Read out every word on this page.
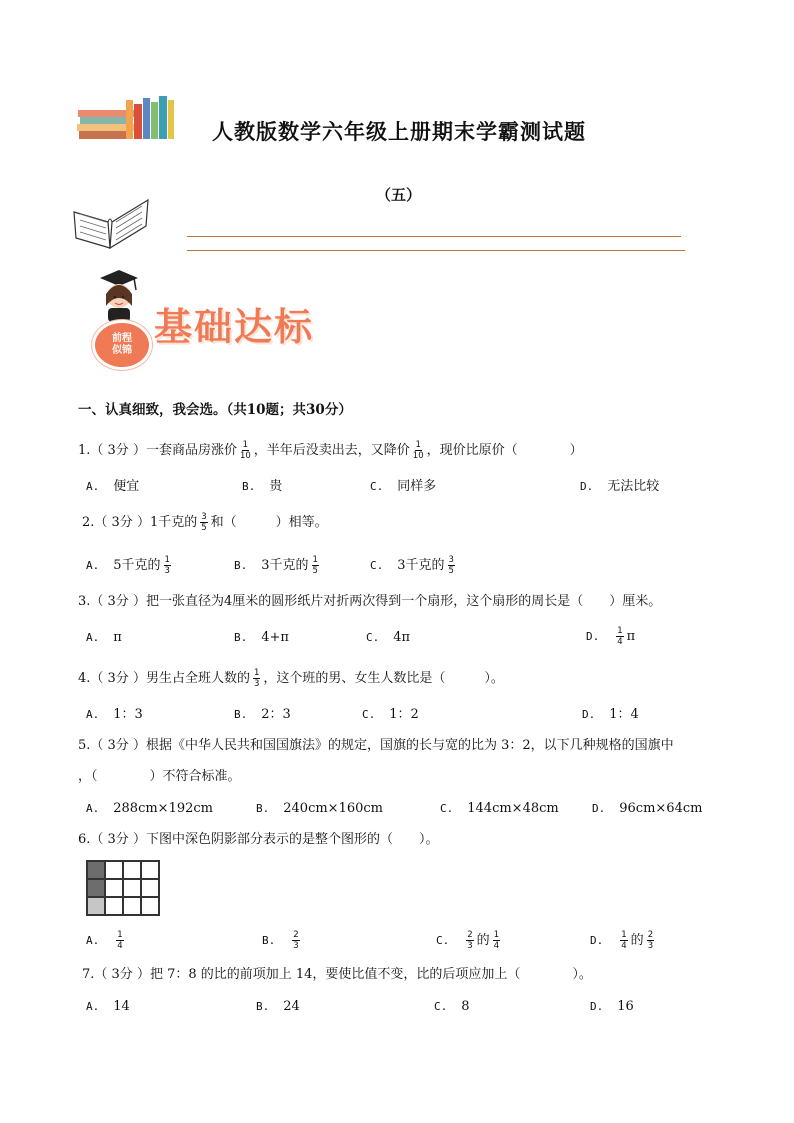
人教版数学六年级上册期末学霸测试题
（五）
前程
似锦
基础达标
一、认真细致，我会选。（共10题；共30分）
1.（ 3分 ）一套商品房涨价 $\frac{1}{10}$ ，半年后没卖出去，又降价 $\frac{1}{10}$ ，现价比原价（　　　　）
A. 便宜	B. 贵	C. 同样多	D. 无法比较
2.（ 3分 ）1千克的 $\frac{3}{5}$ 和（　　　）相等。
A. 5千克的 $\frac{1}{3}$	B. 3千克的 $\frac{1}{5}$	C. 3千克的 $\frac{3}{5}$
3.（ 3分 ）把一张直径为4厘米的圆形纸片对折两次得到一个扇形，这个扇形的周长是（　　）厘米。
A. π	B. 4+π	C. 4π	D. $\frac{1}{4}$ π
4.（ 3分 ）男生占全班人数的 $\frac{1}{3}$ ，这个班的男、女生人数比是（　　　）。
A. 1：3	B. 2：3	C. 1：2	D. 1：4
5.（ 3分 ）根据《中华人民共和国国旗法》的规定，国旗的长与宽的比为 3：2，以下几种规格的国旗中
，（　　　　）不符合标准。
A. 288cm×192cm	B. 240cm×160cm	C. 144cm×48cm	D. 96cm×64cm
6.（ 3分 ）下图中深色阴影部分表示的是整个图形的（　　）。
A. $\frac{1}{4}$	B. $\frac{2}{3}$	C. $\frac{2}{3}$ 的 $\frac{1}{4}$	D. $\frac{1}{4}$ 的 $\frac{2}{3}$
7.（ 3分 ）把 7：8 的比的前项加上 14，要使比值不变，比的后项应加上（　　　　）。
A. 14	B. 24	C. 8	D. 16
